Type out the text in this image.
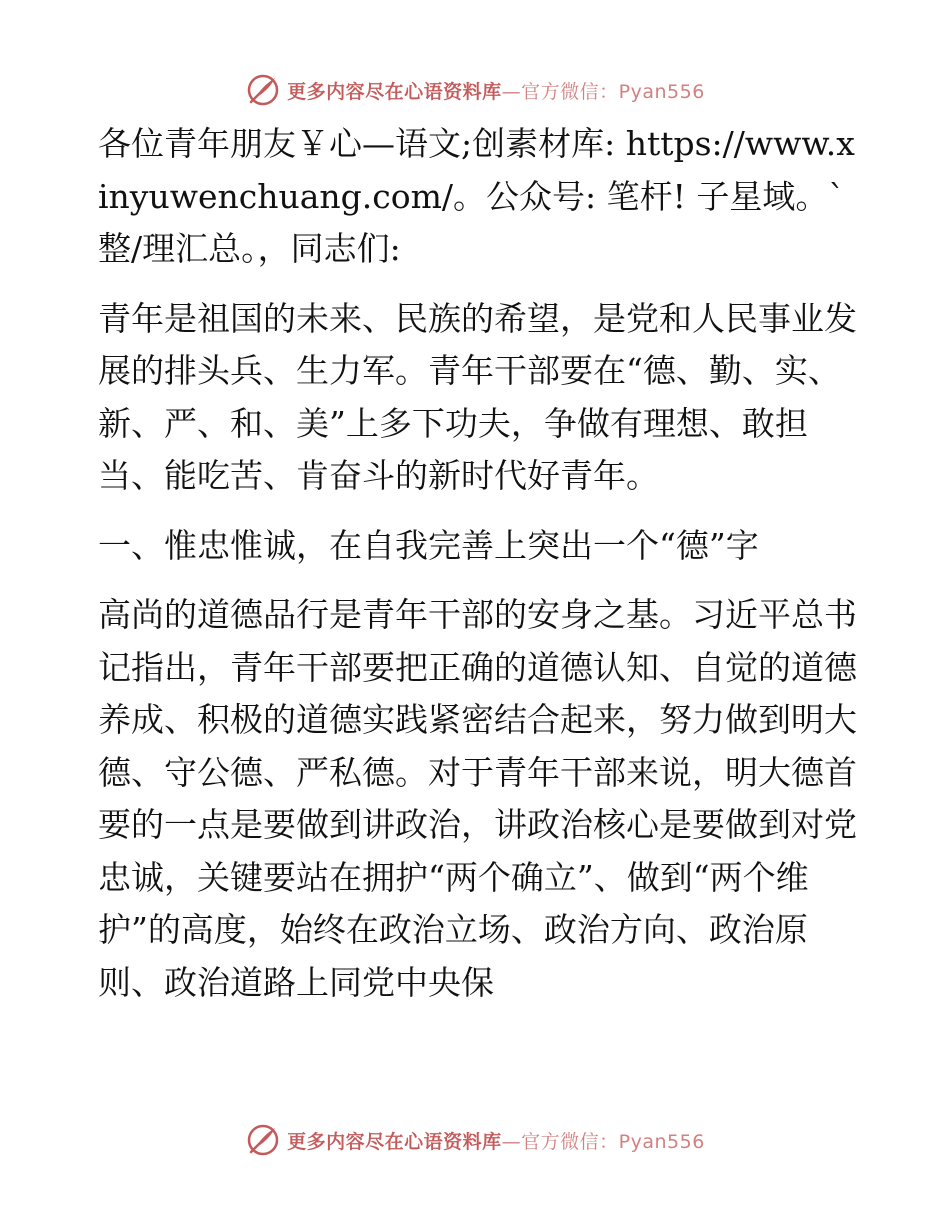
更多内容尽在心语资料库—官方微信：Pyan556

各位青年朋友￥心—语文;创素材库: https://www.xinyuwenchuang.com/。公众号: 笔杆! 子星域。`整/理汇总。，同志们:

青年是祖国的未来、民族的希望，是党和人民事业发展的排头兵、生力军。青年干部要在“德、勤、实、新、严、和、美”上多下功夫，争做有理想、敢担当、能吃苦、肯奋斗的新时代好青年。

一、惟忠惟诚，在自我完善上突出一个“德”字

高尚的道德品行是青年干部的安身之基。习近平总书记指出，青年干部要把正确的道德认知、自觉的道德养成、积极的道德实践紧密结合起来，努力做到明大德、守公德、严私德。对于青年干部来说，明大德首要的一点是要做到讲政治，讲政治核心是要做到对党忠诚，关键要站在拥护“两个确立”、做到“两个维护”的高度，始终在政治立场、政治方向、政治原则、政治道路上同党中央保

更多内容尽在心语资料库—官方微信：Pyan556
